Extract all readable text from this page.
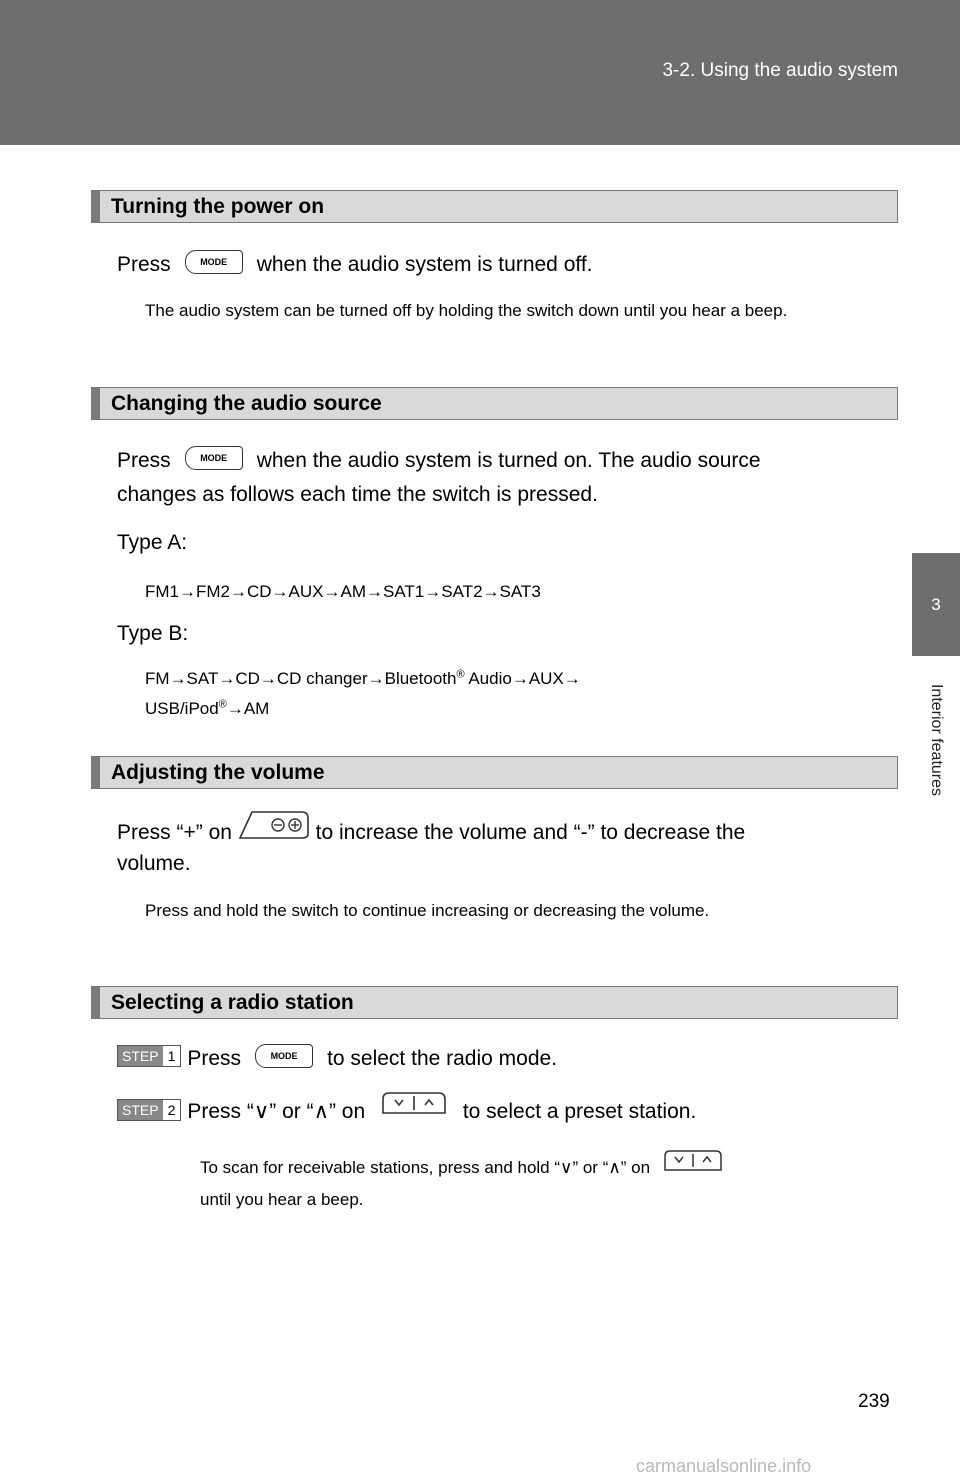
3-2. Using the audio system
3
Interior features
Turning the power on
Press	MODE when the audio system is turned off.
The audio system can be turned off by holding the switch down until you hear a beep.
Changing the audio source
Press	MODE when the audio system is turned on. The audio source
changes as follows each time the switch is pressed.
Type A:
FM1→FM2→CD→AUX→AM→SAT1→SAT2→SAT3
Type B:
FM→SAT→CD→CD changer→Bluetooth® Audio→AUX→
USB/iPod®→AM
Adjusting the volume
Press “+” on	to increase the volume and “-” to decrease the
volume.
Press and hold the switch to continue increasing or decreasing the volume.
Selecting a radio station
STEP 1 Press	MODE to select the radio mode.
STEP 2 Press “∨” or “∧” on	to select a preset station.
To scan for receivable stations, press and hold “∨” or “∧” on
until you hear a beep.
239
carmanualsonline.info
